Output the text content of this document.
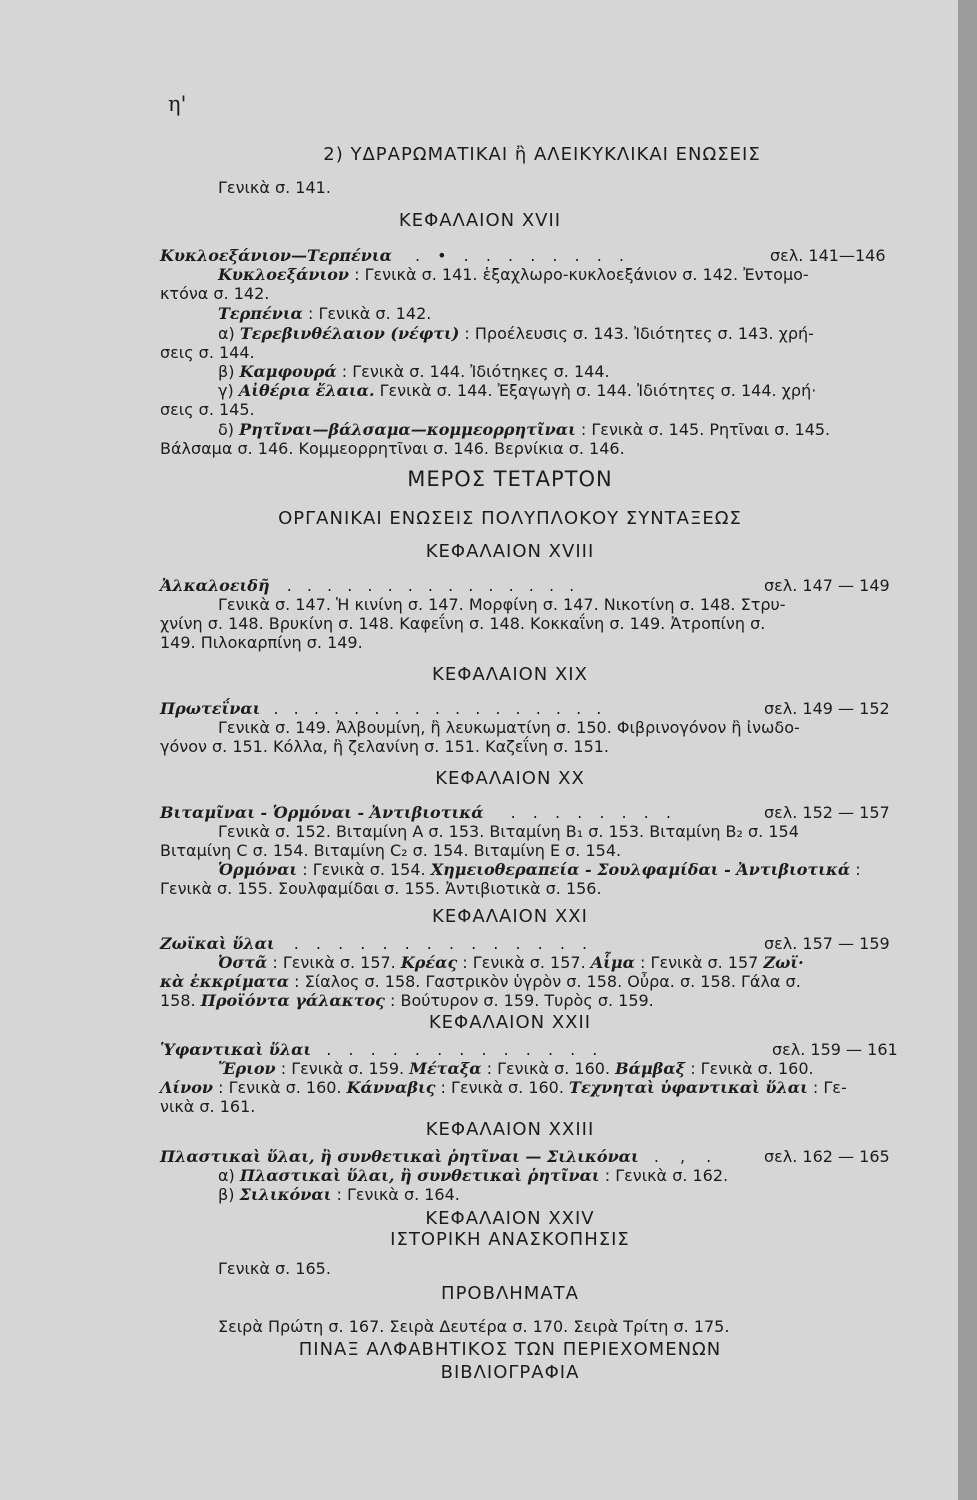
η'
2) ΥΔΡΑΡΩΜΑΤΙΚΑΙ ἢ ΑΛΕΙΚΥΚΛΙΚΑΙ ΕΝΩΣΕΙΣ
Γενικὰ σ. 141.
ΚΕΦΑΛΑΙΟΝ XVII
Κυκλοεξάνιον—Τερπένια . • . . . . . . . .	σελ. 141—146
Κυκλοεξάνιον : Γενικὰ σ. 141. ἑξαχλωρο-κυκλοεξάνιον σ. 142. Ἐντομο-
κτόνα σ. 142.
Τερπένια : Γενικὰ σ. 142.
α) Τερεβινθέλαιον (νέφτι) : Προέλευσις σ. 143. Ἰδιότητες σ. 143. χρή-
σεις σ. 144.
β) Καμφουρά : Γενικὰ σ. 144. Ἰδιότηκες σ. 144.
γ) Αἰθέρια ἔλαια. Γενικὰ σ. 144. Ἐξαγωγὴ σ. 144. Ἰδιότητες σ. 144. χρή·
σεις σ. 145.
δ) Ρητῖναι—βάλσαμα—κομμεορρητῖναι : Γενικὰ σ. 145. Ρητῖναι σ. 145.
Βάλσαμα σ. 146. Κομμεορρητῖναι σ. 146. Βερνίκια σ. 146.
ΜΕΡΟΣ ΤΕΤΑΡΤΟΝ
ΟΡΓΑΝΙΚΑΙ ΕΝΩΣΕΙΣ ΠΟΛΥΠΛΟΚΟΥ ΣΥΝΤΑΞΕΩΣ
ΚΕΦΑΛΑΙΟΝ XVIII
Ἀλκαλοειδῆ . . . . . . . . . . . . . . .	σελ. 147 — 149
Γενικὰ σ. 147. Ἡ κινίνη σ. 147. Μορφίνη σ. 147. Νικοτίνη σ. 148. Στρυ-
χνίνη σ. 148. Βρυκίνη σ. 148. Καφεΐνη σ. 148. Κοκκαΐνη σ. 149. Ἀτροπίνη σ.
149. Πιλοκαρπίνη σ. 149.
ΚΕΦΑΛΑΙΟΝ XIX
Πρωτεΐναι . . . . . . . . . . . . . . . . .	σελ. 149 — 152
Γενικὰ σ. 149. Ἀλβουμίνη, ἢ λευκωματίνη σ. 150. Φιβρινογόνον ἢ ἰνωδο-
γόνον σ. 151. Κόλλα, ἢ ζελανίνη σ. 151. Καζεΐνη σ. 151.
ΚΕΦΑΛΑΙΟΝ XX
Βιταμῖναι - Ὁρμόναι - Ἀντιβιοτικά . . . . . . . .	σελ. 152 — 157
Γενικὰ σ. 152. Βιταμίνη Α σ. 153. Βιταμίνη Β₁ σ. 153. Βιταμίνη Β₂ σ. 154
Βιταμίνη C σ. 154. Βιταμίνη C₂ σ. 154. Βιταμίνη Ε σ. 154.
Ὁρμόναι : Γενικὰ σ. 154. Χημειοθεραπεία - Σουλφαμίδαι - Ἀντιβιοτικά :
Γενικὰ σ. 155. Σουλφαμίδαι σ. 155. Ἀντιβιοτικὰ σ. 156.
ΚΕΦΑΛΑΙΟΝ XXI
Ζωϊκαὶ ὕλαι . . . . . . . . . . . . . .	σελ. 157 — 159
Ὀστᾶ : Γενικὰ σ. 157. Κρέας : Γενικὰ σ. 157. Αἷμα : Γενικὰ σ. 157 Ζωϊ·
κὰ ἐκκρίματα : Σίαλος σ. 158. Γαστρικὸν ὑγρὸν σ. 158. Οὖρα. σ. 158. Γάλα σ.
158. Προϊόντα γάλακτος : Βούτυρον σ. 159. Τυρὸς σ. 159.
ΚΕΦΑΛΑΙΟΝ XXII
Ὑφαντικαὶ ὕλαι . . . . . . . . . . . . .	σελ. 159 — 161
Ἔριον : Γενικὰ σ. 159. Μέταξα : Γενικὰ σ. 160. Βάμβαξ : Γενικὰ σ. 160.
Λίνον : Γενικὰ σ. 160. Κάνναβις : Γενικὰ σ. 160. Τεχνηταὶ ὑφαντικαὶ ὕλαι : Γε-
νικὰ σ. 161.
ΚΕΦΑΛΑΙΟΝ XXIII
Πλαστικαὶ ὕλαι, ἢ συνθετικαὶ ῥητῖναι — Σιλικόναι . , .	σελ. 162 — 165
α) Πλαστικαὶ ὕλαι, ἢ συνθετικαὶ ῥητῖναι : Γενικὰ σ. 162.
β) Σιλικόναι : Γενικὰ σ. 164.
ΚΕΦΑΛΑΙΟΝ XXIV
ΙΣΤΟΡΙΚΗ ΑΝΑΣΚΟΠΗΣΙΣ
Γενικὰ σ. 165.
ΠΡΟΒΛΗΜΑΤΑ
Σειρὰ Πρώτη σ. 167. Σειρὰ Δευτέρα σ. 170. Σειρὰ Τρίτη σ. 175.
ΠΙΝΑΞ ΑΛΦΑΒΗΤΙΚΟΣ ΤΩΝ ΠΕΡΙΕΧΟΜΕΝΩΝ
ΒΙΒΛΙΟΓΡΑΦΙΑ
